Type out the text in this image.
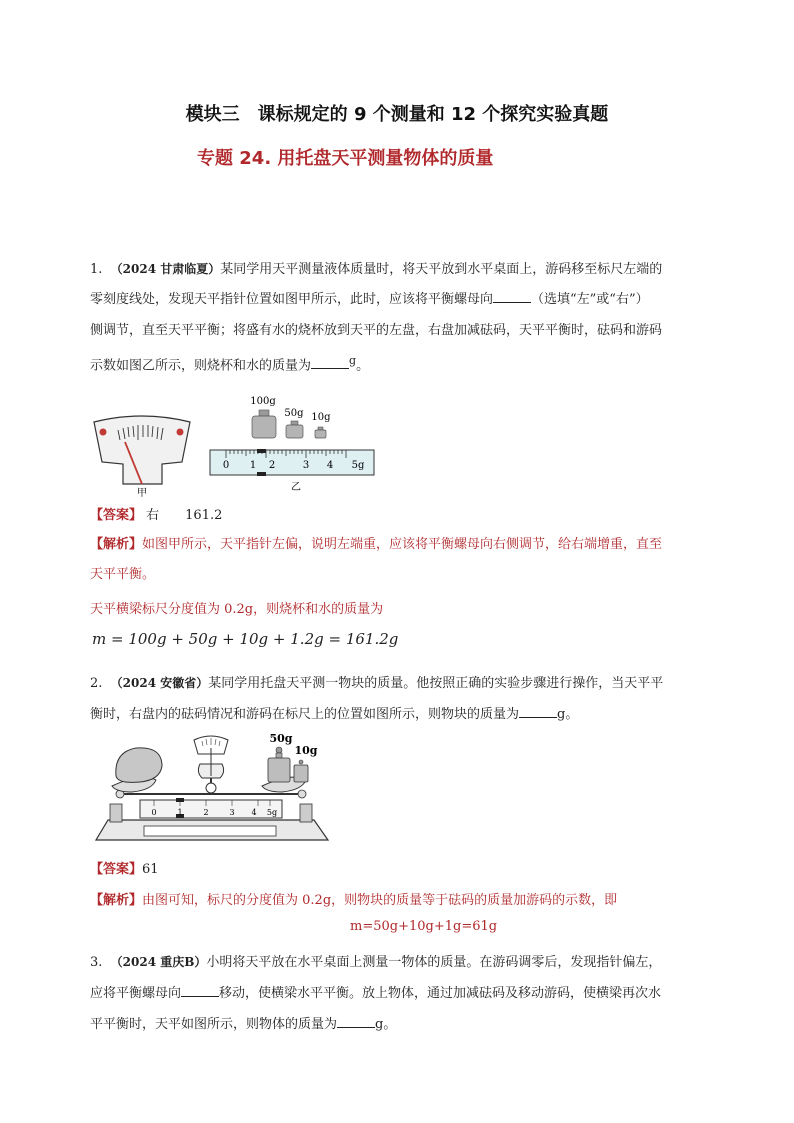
模块三　课标规定的 9 个测量和 12 个探究实验真题
专题 24. 用托盘天平测量物体的质量
1. （2024 甘肃临夏）某同学用天平测量液体质量时，将天平放到水平桌面上，游码移至标尺左端的
零刻度线处，发现天平指针位置如图甲所示，此时，应该将平衡螺母向	（选填“左”或“右”）
侧调节，直至天平平衡；将盛有水的烧杯放到天平的左盘，右盘加减砝码，天平平衡时，砝码和游码
示数如图乙所示，则烧杯和水的质量为	$^g$。
甲
100g
50g 10g
0 1 2	3 4 5g
乙
【答案】 右　　161.2
【解析】如图甲所示，天平指针左偏，说明左端重，应该将平衡螺母向右侧调节，给右端增重，直至
天平平衡。
天平横梁标尺分度值为 0.2g，则烧杯和水的质量为
m = 100g + 50g + 10g + 1.2g = 161.2g
2. （2024 安徽省）某同学用托盘天平测一物块的质量。他按照正确的实验步骤进行操作，当天平平
衡时，右盘内的砝码情况和游码在标尺上的位置如图所示，则物块的质量为	g。
0	1	2	3 4 5g
50g
10g
【答案】61
【解析】由图可知，标尺的分度值为 0.2g，则物块的质量等于砝码的质量加游码的示数，即
m=50g+10g+1g=61g
3. （2024 重庆B）小明将天平放在水平桌面上测量一物体的质量。在游码调零后，发现指针偏左，
应将平衡螺母向	移动，使横梁水平平衡。放上物体，通过加减砝码及移动游码，使横梁再次水
平平衡时，天平如图所示，则物体的质量为	g。
